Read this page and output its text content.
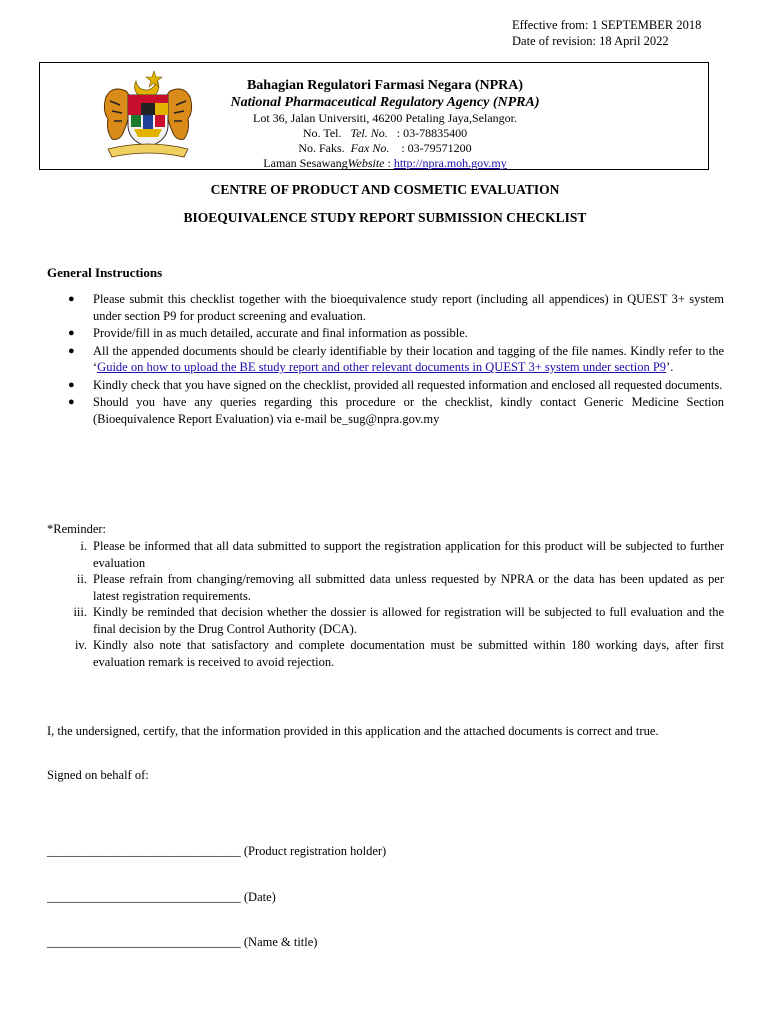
Effective from: 1 SEPTEMBER 2018
Date of revision: 18 April 2022
Bahagian Regulatori Farmasi Negara (NPRA)
National Pharmaceutical Regulatory Agency (NPRA)
Lot 36, Jalan Universiti, 46200 Petaling Jaya,Selangor.
No. Tel. Tel. No. : 03-78835400
No. Faks. Fax No. : 03-79571200
Laman SesawangWebsite : http://npra.moh.gov.my
CENTRE OF PRODUCT AND COSMETIC EVALUATION
BIOEQUIVALENCE STUDY REPORT SUBMISSION CHECKLIST
General Instructions
● Please submit this checklist together with the bioequivalence study report (including all appendices) in QUEST 3+ system under section P9 for product screening and evaluation.
● Provide/fill in as much detailed, accurate and final information as possible.
● All the appended documents should be clearly identifiable by their location and tagging of the file names. Kindly refer to the ‘Guide on how to upload the BE study report and other relevant documents in QUEST 3+ system under section P9’.
● Kindly check that you have signed on the checklist, provided all requested information and enclosed all requested documents.
● Should you have any queries regarding this procedure or the checklist, kindly contact Generic Medicine Section (Bioequivalence Report Evaluation) via e-mail be_sug@npra.gov.my
*Reminder:
i. Please be informed that all data submitted to support the registration application for this product will be subjected to further evaluation
ii. Please refrain from changing/removing all submitted data unless requested by NPRA or the data has been updated as per latest registration requirements.
iii. Kindly be reminded that decision whether the dossier is allowed for registration will be subjected to full evaluation and the final decision by the Drug Control Authority (DCA).
iv. Kindly also note that satisfactory and complete documentation must be submitted within 180 working days, after first evaluation remark is received to avoid rejection.
I, the undersigned, certify, that the information provided in this application and the attached documents is correct and true.
Signed on behalf of:
_______________________________ (Product registration holder)
_______________________________ (Date)
_______________________________ (Name & title)
